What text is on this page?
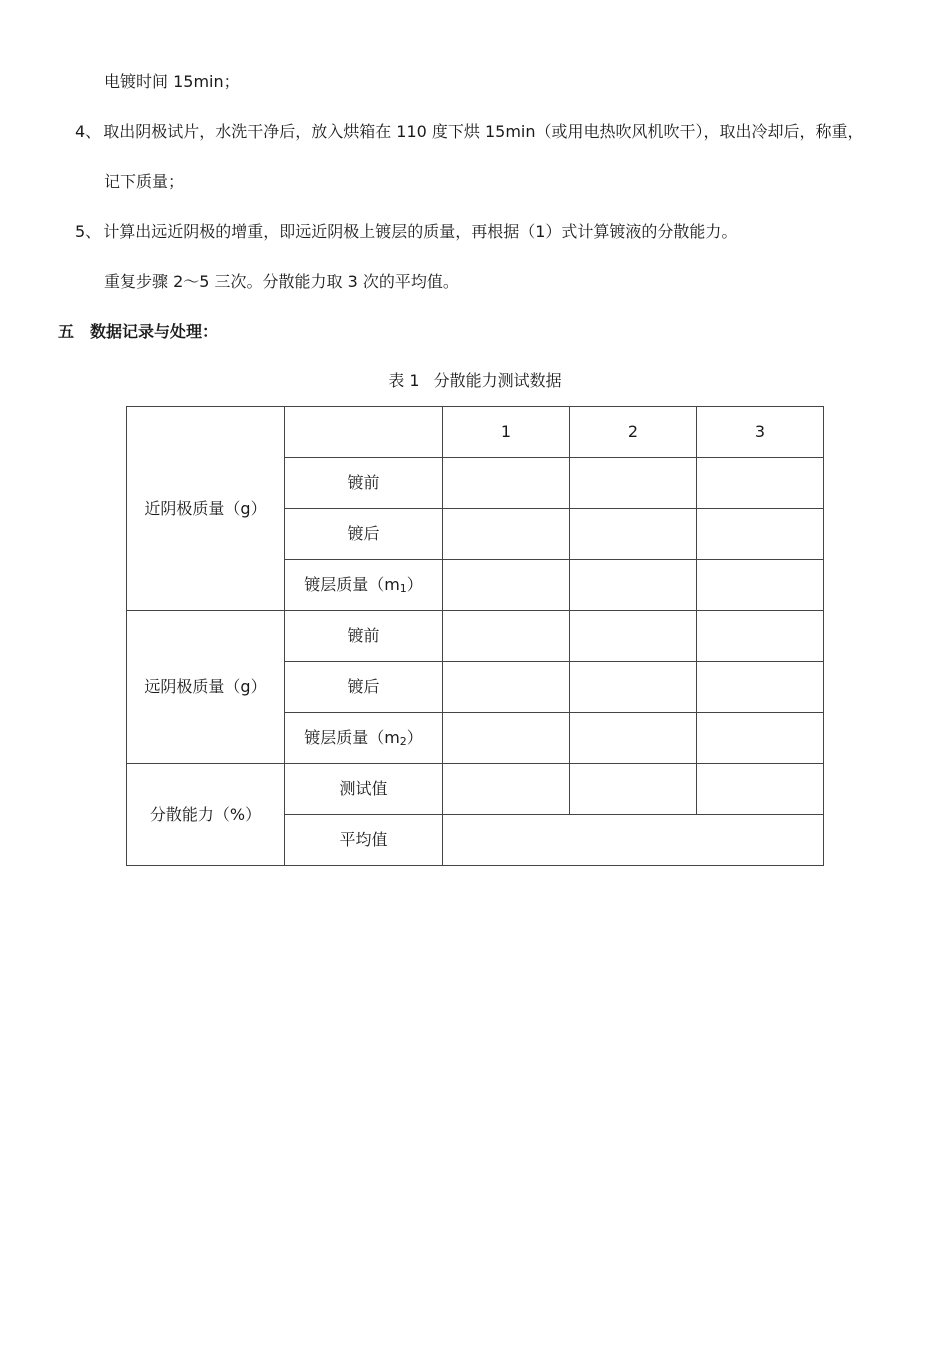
电镀时间 15min；
4、 取出阴极试片，水洗干净后，放入烘箱在 110 度下烘 15min（或用电热吹风机吹干），取出冷却后，称重，
记下质量；
5、 计算出远近阴极的增重，即远近阴极上镀层的质量，再根据（1）式计算镀液的分散能力。
重复步骤 2～5 三次。分散能力取 3 次的平均值。
五 数据记录与处理：
表 1 分散能力测试数据
近阴极质量（g）		1	2	3
	镀前			
	镀后			
	镀层质量$(m_1)$			
远阴极质量（g）	镀前			
	镀后			
	镀层质量$(m_2)$			
分散能力（%）	测试值			
	平均值			
